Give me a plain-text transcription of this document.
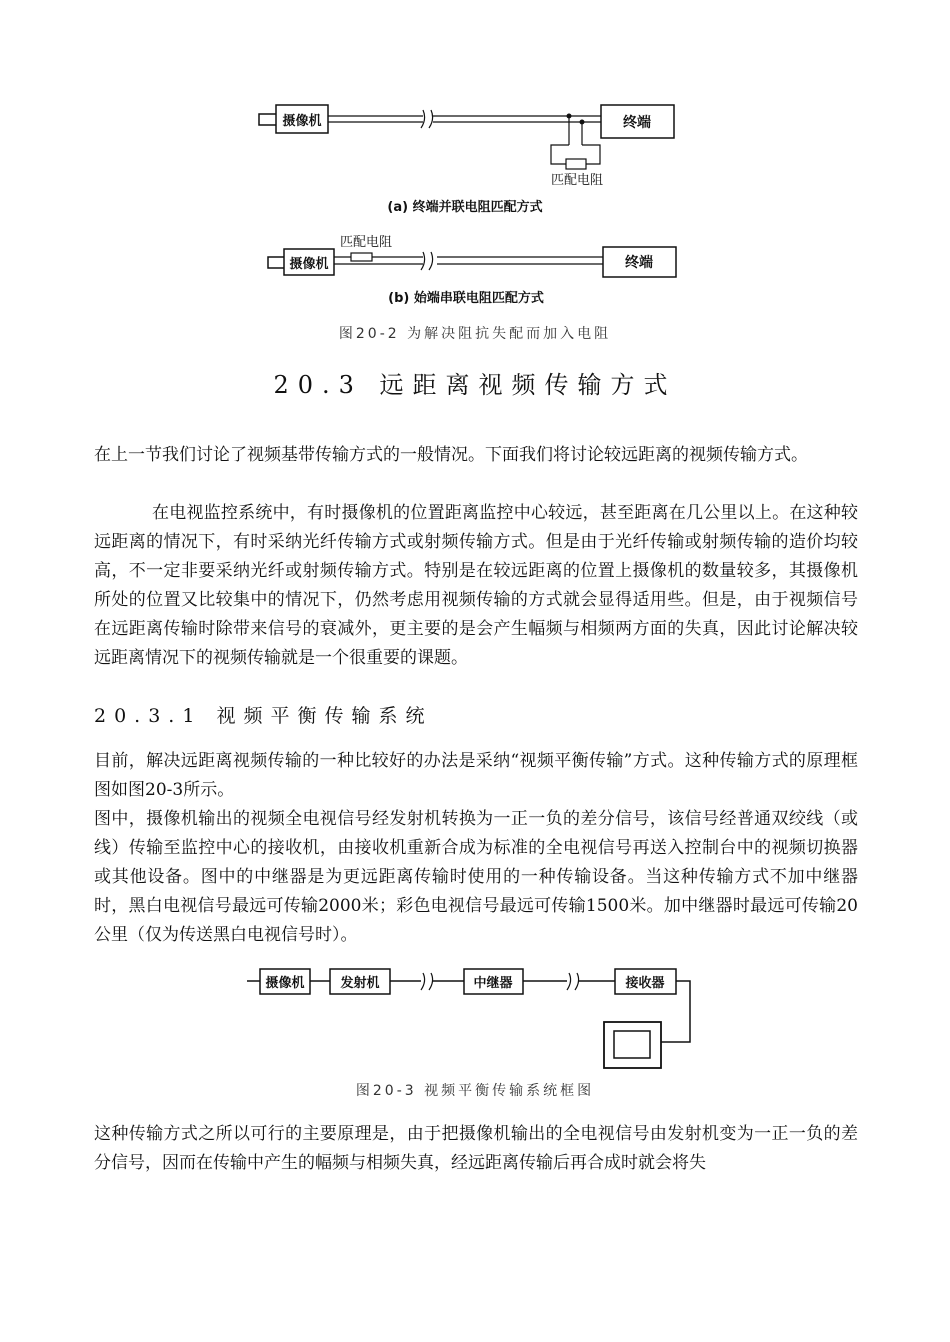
摄像机	终端
匹配电阻
(a) 终端并联电阻匹配方式
匹配电阻
摄像机	终端
(b) 始端串联电阻匹配方式
图20-2 为解决阻抗失配而加入电阻
20.3 远距离视频传输方式

在上一节我们讨论了视频基带传输方式的一般情况。下面我们将讨论较远距离的视频传输方式。

在电视监控系统中，有时摄像机的位置距离监控中心较远，甚至距离在几公里以上。在这种较远距离的情况下，有时采纳光纤传输方式或射频传输方式。但是由于光纤传输或射频传输的造价均较高，不一定非要采纳光纤或射频传输方式。特别是在较远距离的位置上摄像机的数量较多，其摄像机所处的位置又比较集中的情况下，仍然考虑用视频传输的方式就会显得适用些。但是，由于视频信号在远距离传输时除带来信号的衰减外，更主要的是会产生幅频与相频两方面的失真，因此讨论解决较远距离情况下的视频传输就是一个很重要的课题。

20.3.1 视频平衡传输系统

目前，解决远距离视频传输的一种比较好的办法是采纳“视频平衡传输”方式。这种传输方式的原理框图如图20-3所示。

图中，摄像机输出的视频全电视信号经发射机转换为一正一负的差分信号，该信号经普通双绞线（或线）传输至监控中心的接收机，由接收机重新合成为标准的全电视信号再送入控制台中的视频切换器或其他设备。图中的中继器是为更远距离传输时使用的一种传输设备。当这种传输方式不加中继器时，黑白电视信号最远可传输2000米；彩色电视信号最远可传输1500米。加中继器时最远可传输20公里（仅为传送黑白电视信号时）。

摄像机	发射机	中继器	接收器
图20-3 视频平衡传输系统框图

这种传输方式之所以可行的主要原理是，由于把摄像机输出的全电视信号由发射机变为一正一负的差分信号，因而在传输中产生的幅频与相频失真，经远距离传输后再合成时就会将失
